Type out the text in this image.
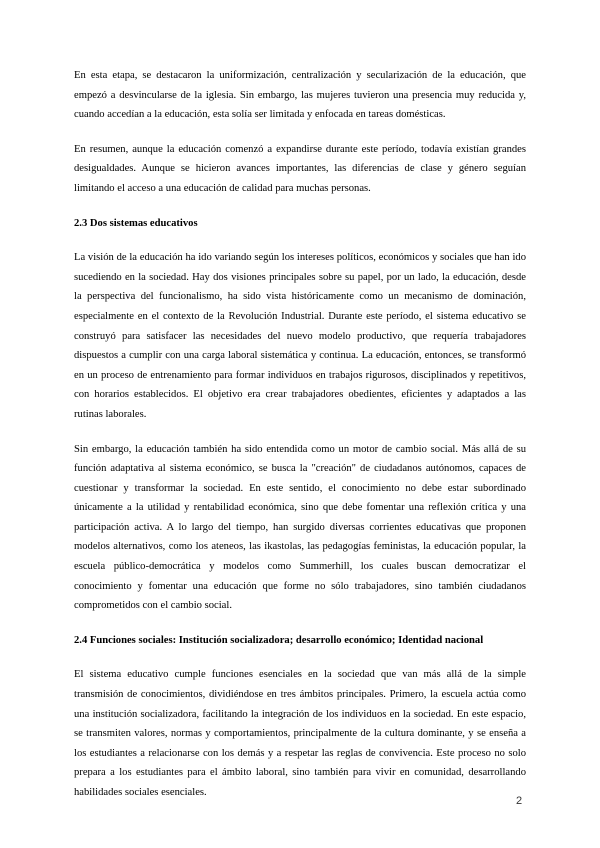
En esta etapa, se destacaron la uniformización, centralización y secularización de la educación, que empezó a desvincularse de la iglesia. Sin embargo, las mujeres tuvieron una presencia muy reducida y, cuando accedían a la educación, esta solía ser limitada y enfocada en tareas domésticas.

En resumen, aunque la educación comenzó a expandirse durante este período, todavía existían grandes desigualdades. Aunque se hicieron avances importantes, las diferencias de clase y género seguían limitando el acceso a una educación de calidad para muchas personas.

2.3 Dos sistemas educativos

La visión de la educación ha ido variando según los intereses políticos, económicos y sociales que han ido sucediendo en la sociedad. Hay dos visiones principales sobre su papel, por un lado, la educación, desde la perspectiva del funcionalismo, ha sido vista históricamente como un mecanismo de dominación, especialmente en el contexto de la Revolución Industrial. Durante este período, el sistema educativo se construyó para satisfacer las necesidades del nuevo modelo productivo, que requería trabajadores dispuestos a cumplir con una carga laboral sistemática y continua. La educación, entonces, se transformó en un proceso de entrenamiento para formar individuos en trabajos rigurosos, disciplinados y repetitivos, con horarios establecidos. El objetivo era crear trabajadores obedientes, eficientes y adaptados a las rutinas laborales.

Sin embargo, la educación también ha sido entendida como un motor de cambio social. Más allá de su función adaptativa al sistema económico, se busca la "creación" de ciudadanos autónomos, capaces de cuestionar y transformar la sociedad. En este sentido, el conocimiento no debe estar subordinado únicamente a la utilidad y rentabilidad económica, sino que debe fomentar una reflexión crítica y una participación activa. A lo largo del tiempo, han surgido diversas corrientes educativas que proponen modelos alternativos, como los ateneos, las ikastolas, las pedagogías feministas, la educación popular, la escuela público-democrática y modelos como Summerhill, los cuales buscan democratizar el conocimiento y fomentar una educación que forme no sólo trabajadores, sino también ciudadanos comprometidos con el cambio social.

2.4 Funciones sociales: Institución socializadora; desarrollo económico; Identidad nacional

El sistema educativo cumple funciones esenciales en la sociedad que van más allá de la simple transmisión de conocimientos, dividiéndose en tres ámbitos principales. Primero, la escuela actúa como una institución socializadora, facilitando la integración de los individuos en la sociedad. En este espacio, se transmiten valores, normas y comportamientos, principalmente de la cultura dominante, y se enseña a los estudiantes a relacionarse con los demás y a respetar las reglas de convivencia. Este proceso no solo prepara a los estudiantes para el ámbito laboral, sino también para vivir en comunidad, desarrollando habilidades sociales esenciales.

2
